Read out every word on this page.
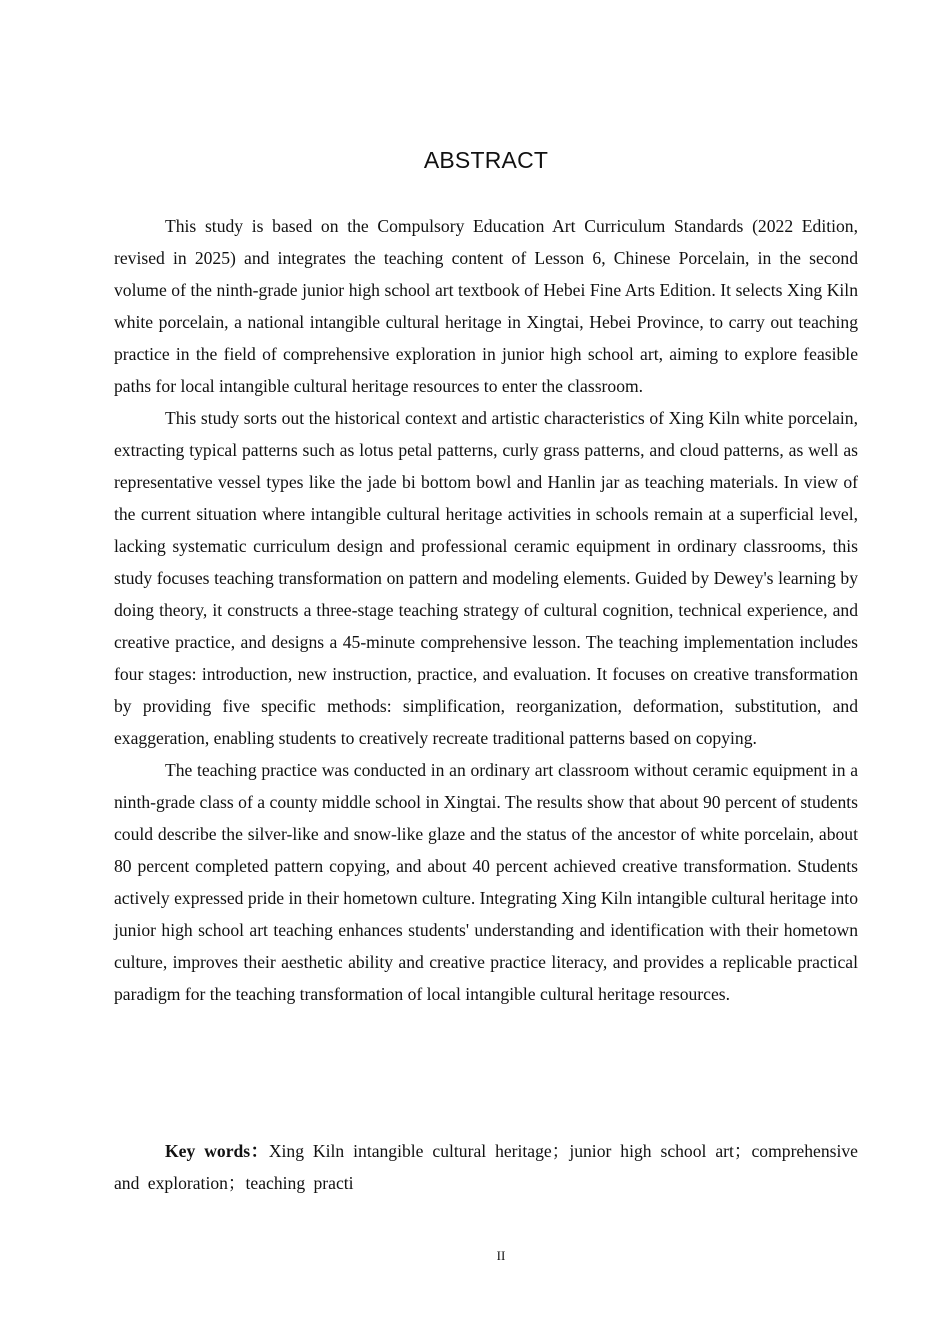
ABSTRACT

This study is based on the Compulsory Education Art Curriculum Standards (2022 Edition, revised in 2025) and integrates the teaching content of Lesson 6, Chinese Porcelain, in the second volume of the ninth-grade junior high school art textbook of Hebei Fine Arts Edition. It selects Xing Kiln white porcelain, a national intangible cultural heritage in Xingtai, Hebei Province, to carry out teaching practice in the field of comprehensive exploration in junior high school art, aiming to explore feasible paths for local intangible cultural heritage resources to enter the classroom.

This study sorts out the historical context and artistic characteristics of Xing Kiln white porcelain, extracting typical patterns such as lotus petal patterns, curly grass patterns, and cloud patterns, as well as representative vessel types like the jade bi bottom bowl and Hanlin jar as teaching materials. In view of the current situation where intangible cultural heritage activities in schools remain at a superficial level, lacking systematic curriculum design and professional ceramic equipment in ordinary classrooms, this study focuses teaching transformation on pattern and modeling elements. Guided by Dewey's learning by doing theory, it constructs a three-stage teaching strategy of cultural cognition, technical experience, and creative practice, and designs a 45-minute comprehensive lesson. The teaching implementation includes four stages: introduction, new instruction, practice, and evaluation. It focuses on creative transformation by providing five specific methods: simplification, reorganization, deformation, substitution, and exaggeration, enabling students to creatively recreate traditional patterns based on copying.

The teaching practice was conducted in an ordinary art classroom without ceramic equipment in a ninth-grade class of a county middle school in Xingtai. The results show that about 90 percent of students could describe the silver-like and snow-like glaze and the status of the ancestor of white porcelain, about 80 percent completed pattern copying, and about 40 percent achieved creative transformation. Students actively expressed pride in their hometown culture. Integrating Xing Kiln intangible cultural heritage into junior high school art teaching enhances students' understanding and identification with their hometown culture, improves their aesthetic ability and creative practice literacy, and provides a replicable practical paradigm for the teaching transformation of local intangible cultural heritage resources.

Key words：Xing Kiln intangible cultural heritage；junior high school art；comprehensive and exploration；teaching practi
II
